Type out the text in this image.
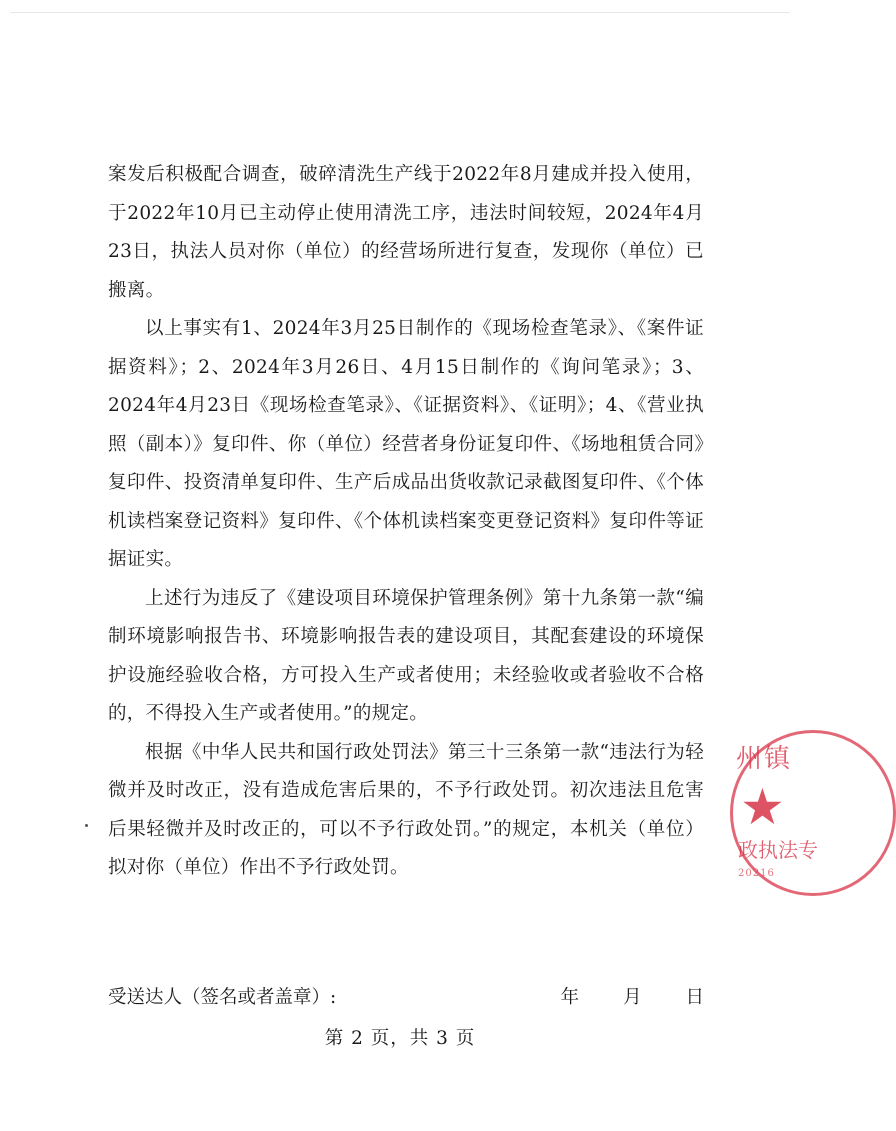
案发后积极配合调查，破碎清洗生产线于2022年8月建成并投入使用，于2022年10月已主动停止使用清洗工序，违法时间较短，2024年4月23日，执法人员对你（单位）的经营场所进行复查，发现你（单位）已搬离。

以上事实有1、2024年3月25日制作的《现场检查笔录》、《案件证据资料》；2、2024年3月26日、4月15日制作的《询问笔录》；3、2024年4月23日《现场检查笔录》、《证据资料》、《证明》；4、《营业执照（副本）》复印件、你（单位）经营者身份证复印件、《场地租赁合同》复印件、投资清单复印件、生产后成品出货收款记录截图复印件、《个体机读档案登记资料》复印件、《个体机读档案变更登记资料》复印件等证据证实。

上述行为违反了《建设项目环境保护管理条例》第十九条第一款“编制环境影响报告书、环境影响报告表的建设项目，其配套建设的环境保护设施经验收合格，方可投入生产或者使用；未经验收或者验收不合格的，不得投入生产或者使用。”的规定。

根据《中华人民共和国行政处罚法》第三十三条第一款“违法行为轻微并及时改正，没有造成危害后果的，不予行政处罚。初次违法且危害后果轻微并及时改正的，可以不予行政处罚。”的规定，本机关（单位）拟对你（单位）作出不予行政处罚。

州镇
★
政执法专
20216
受送达人（签名或者盖章）:	年 月 日
第 2 页，共 3 页
